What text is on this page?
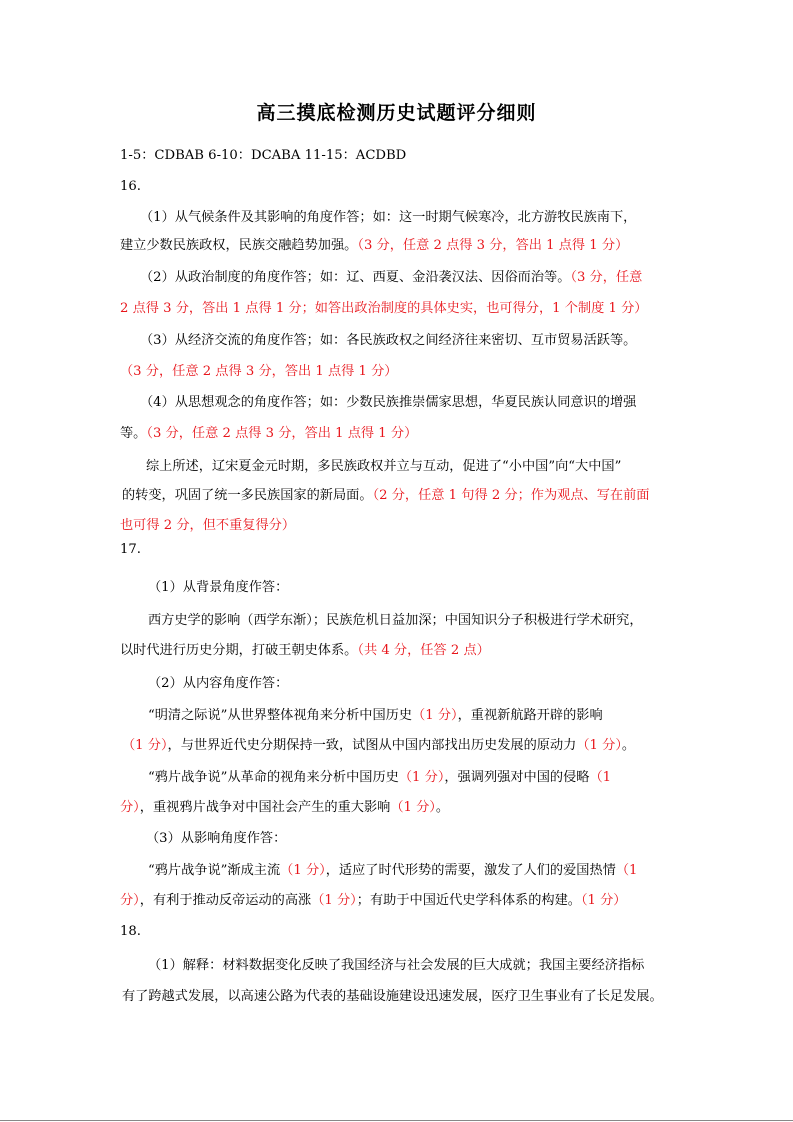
高三摸底检测历史试题评分细则
1-5：CDBAB 6-10：DCABA 11-15：ACDBD
16.
（1）从气候条件及其影响的角度作答；如：这一时期气候寒冷，北方游牧民族南下，
建立少数民族政权，民族交融趋势加强。（3 分，任意 2 点得 3 分，答出 1 点得 1 分）
（2）从政治制度的角度作答；如：辽、西夏、金沿袭汉法、因俗而治等。（3 分，任意
2 点得 3 分，答出 1 点得 1 分；如答出政治制度的具体史实，也可得分，1 个制度 1 分）
（3）从经济交流的角度作答；如：各民族政权之间经济往来密切、互市贸易活跃等。
（3 分，任意 2 点得 3 分，答出 1 点得 1 分）
（4）从思想观念的角度作答；如：少数民族推崇儒家思想，华夏民族认同意识的增强
等。（3 分，任意 2 点得 3 分，答出 1 点得 1 分）
综上所述，辽宋夏金元时期，多民族政权并立与互动，促进了“小中国”向“大中国”
的转变，巩固了统一多民族国家的新局面。（2 分，任意 1 句得 2 分；作为观点、写在前面
也可得 2 分，但不重复得分）
17.
（1）从背景角度作答：
西方史学的影响（西学东渐）；民族危机日益加深；中国知识分子积极进行学术研究，
以时代进行历史分期，打破王朝史体系。（共 4 分，任答 2 点）
（2）从内容角度作答：
“明清之际说”从世界整体视角来分析中国历史（1 分），重视新航路开辟的影响
（1 分），与世界近代史分期保持一致，试图从中国内部找出历史发展的原动力（1 分）。
“鸦片战争说”从革命的视角来分析中国历史（1 分），强调列强对中国的侵略（1
分），重视鸦片战争对中国社会产生的重大影响（1 分）。
（3）从影响角度作答：
“鸦片战争说”渐成主流（1 分），适应了时代形势的需要，激发了人们的爱国热情（1
分），有利于推动反帝运动的高涨（1 分）；有助于中国近代史学科体系的构建。（1 分）
18.
（1）解释：材料数据变化反映了我国经济与社会发展的巨大成就；我国主要经济指标
有了跨越式发展，以高速公路为代表的基础设施建设迅速发展，医疗卫生事业有了长足发展。
